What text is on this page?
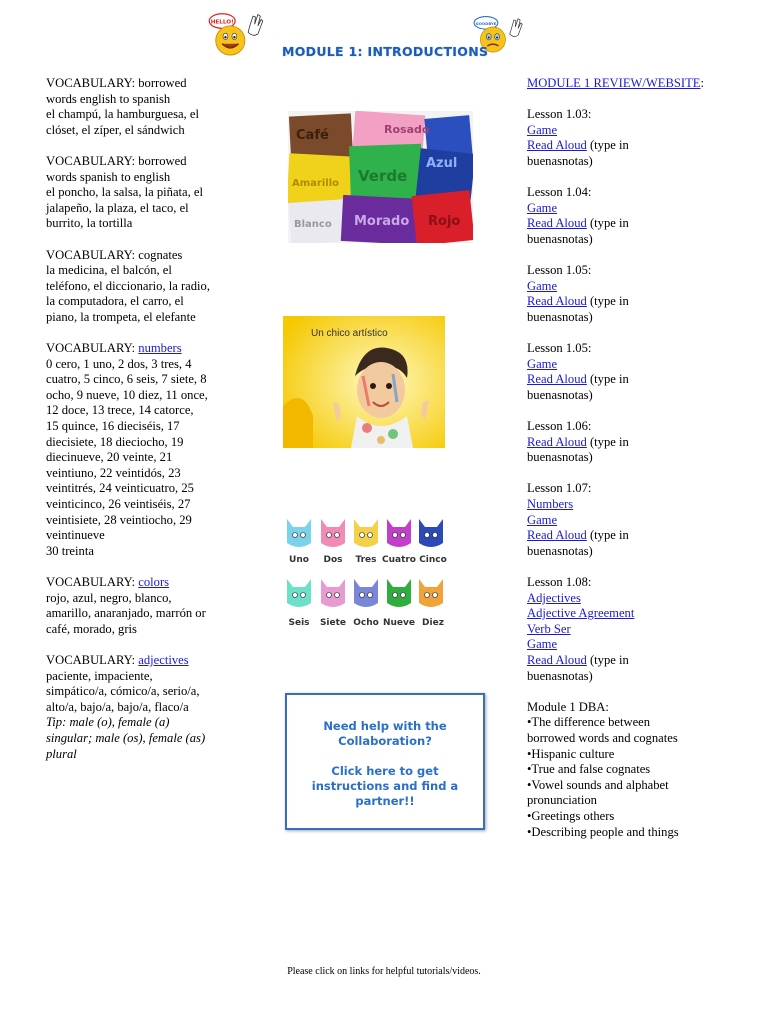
HELLO!	GOODBYE
MODULE 1: INTRODUCTIONS
VOCABULARY: borrowed
words english to spanish
el champú, la hamburguesa, el
clóset, el zíper, el sándwich
VOCABULARY: borrowed
words spanish to english
el poncho, la salsa, la piñata, el
jalapeño, la plaza, el taco, el
burrito, la tortilla
VOCABULARY: cognates
la medicina, el balcón, el
teléfono, el diccionario, la radio,
la computadora, el carro, el
piano, la trompeta, el elefante
VOCABULARY: numbers
0 cero, 1 uno, 2 dos, 3 tres, 4
cuatro, 5 cinco, 6 seis, 7 siete, 8
ocho, 9 nueve, 10 diez, 11 once,
12 doce, 13 trece, 14 catorce,
15 quince, 16 dieciséis, 17
diecisiete, 18 dieciocho, 19
diecinueve, 20 veinte, 21
veintiuno, 22 veintidós, 23
veintitrés, 24 veinticuatro, 25
veinticinco, 26 veintiséis, 27
veintisiete, 28 veintiocho, 29
veintinueve
30 treinta
VOCABULARY: colors
rojo, azul, negro, blanco,
amarillo, anaranjado, marrón or
café, morado, gris
VOCABULARY: adjectives
paciente, impaciente,
simpático/a, cómico/a, serio/a,
alto/a, bajo/a, bajo/a, flaco/a
Tip: male (o), female (a)
singular; male (os), female (as)
plural
Café	Rosado
Verde
Azul
Morado Rojo
Amarillo
Blanco
Un chico artístico
Uno Dos Tres Cuatro Cinco
Seis Siete Ocho Nueve Diez
Need help with the
Collaboration?
Click here to get
instructions and find a
partner!!
MODULE 1 REVIEW/WEBSITE:
Lesson 1.03:
Game
Read Aloud (type in
buenasnotas)
Lesson 1.04:
Game
Read Aloud (type in
buenasnotas)
Lesson 1.05:
Game
Read Aloud (type in
buenasnotas)
Lesson 1.05:
Game
Read Aloud (type in
buenasnotas)
Lesson 1.06:
Read Aloud (type in
buenasnotas)
Lesson 1.07:
Numbers
Game
Read Aloud (type in
buenasnotas)
Lesson 1.08:
Adjectives
Adjective Agreement
Verb Ser
Game
Read Aloud (type in
buenasnotas)
Module 1 DBA:
•The difference between
borrowed words and cognates
•Hispanic culture
•True and false cognates
•Vowel sounds and alphabet
pronunciation
•Greetings others
•Describing people and things
Please click on links for helpful tutorials/videos.
